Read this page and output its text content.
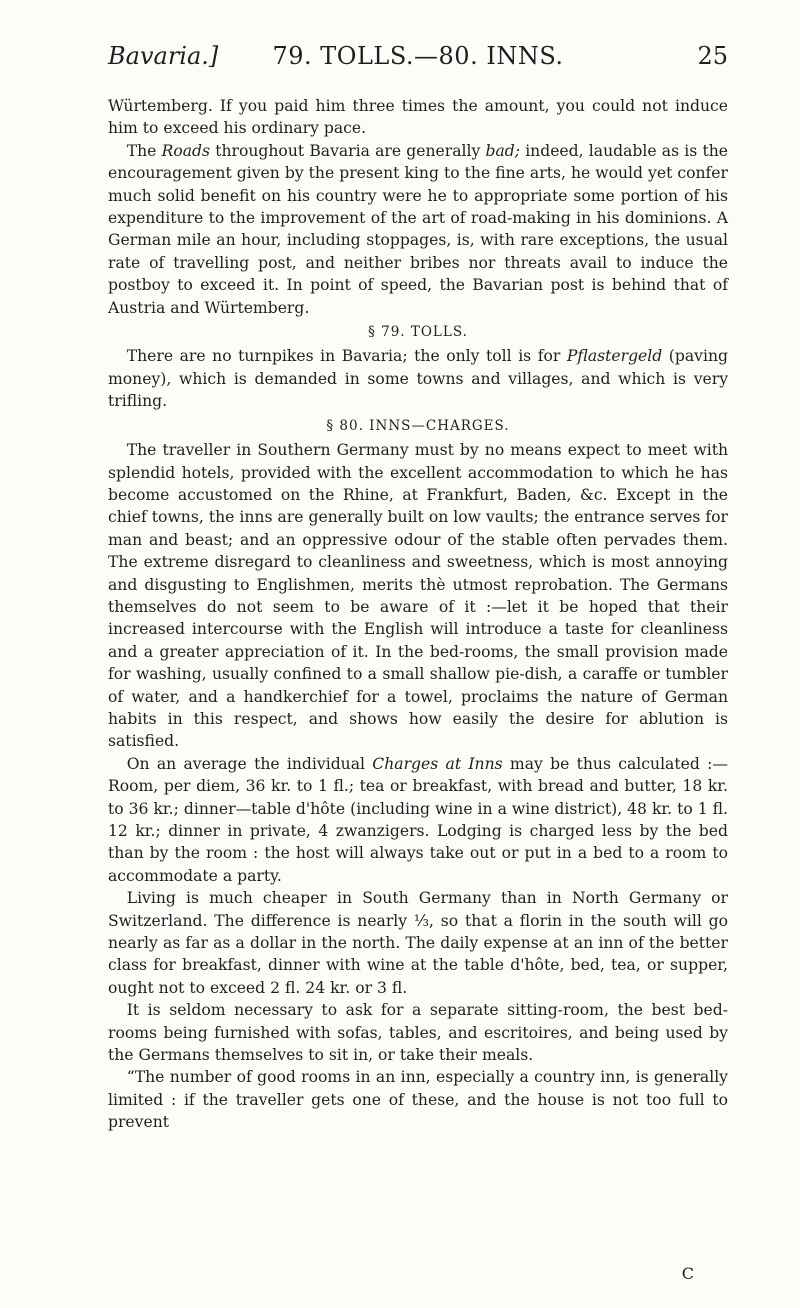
Bavaria.]	79. TOLLS.—80. INNS.	25

Würtemberg. If you paid him three times the amount, you could not induce him to exceed his ordinary pace.

The Roads throughout Bavaria are generally bad; indeed, laudable as is the encouragement given by the present king to the fine arts, he would yet confer much solid benefit on his country were he to appropriate some portion of his expenditure to the improvement of the art of road-making in his dominions. A German mile an hour, including stoppages, is, with rare exceptions, the usual rate of travelling post, and neither bribes nor threats avail to induce the postboy to exceed it. In point of speed, the Bavarian post is behind that of Austria and Würtemberg.

§ 79. TOLLS.

There are no turnpikes in Bavaria; the only toll is for Pflastergeld (paving money), which is demanded in some towns and villages, and which is very trifling.

§ 80. INNS—CHARGES.

The traveller in Southern Germany must by no means expect to meet with splendid hotels, provided with the excellent accommodation to which he has become accustomed on the Rhine, at Frankfurt, Baden, &c. Except in the chief towns, the inns are generally built on low vaults; the entrance serves for man and beast; and an oppressive odour of the stable often pervades them. The extreme disregard to cleanliness and sweetness, which is most annoying and disgusting to Englishmen, merits thè utmost reprobation. The Germans themselves do not seem to be aware of it :—let it be hoped that their increased intercourse with the English will introduce a taste for cleanliness and a greater appreciation of it. In the bed-rooms, the small provision made for washing, usually confined to a small shallow pie-dish, a caraffe or tumbler of water, and a handkerchief for a towel, proclaims the nature of German habits in this respect, and shows how easily the desire for ablution is satisfied.

On an average the individual Charges at Inns may be thus calculated :— Room, per diem, 36 kr. to 1 fl.; tea or breakfast, with bread and butter, 18 kr. to 36 kr.; dinner—table d'hôte (including wine in a wine district), 48 kr. to 1 fl. 12 kr.; dinner in private, 4 zwanzigers. Lodging is charged less by the bed than by the room : the host will always take out or put in a bed to a room to accommodate a party.

Living is much cheaper in South Germany than in North Germany or Switzerland. The difference is nearly ⅓, so that a florin in the south will go nearly as far as a dollar in the north. The daily expense at an inn of the better class for breakfast, dinner with wine at the table d'hôte, bed, tea, or supper, ought not to exceed 2 fl. 24 kr. or 3 fl.

It is seldom necessary to ask for a separate sitting-room, the best bed-rooms being furnished with sofas, tables, and escritoires, and being used by the Germans themselves to sit in, or take their meals.

“The number of good rooms in an inn, especially a country inn, is generally limited : if the traveller gets one of these, and the house is not too full to prevent

C
